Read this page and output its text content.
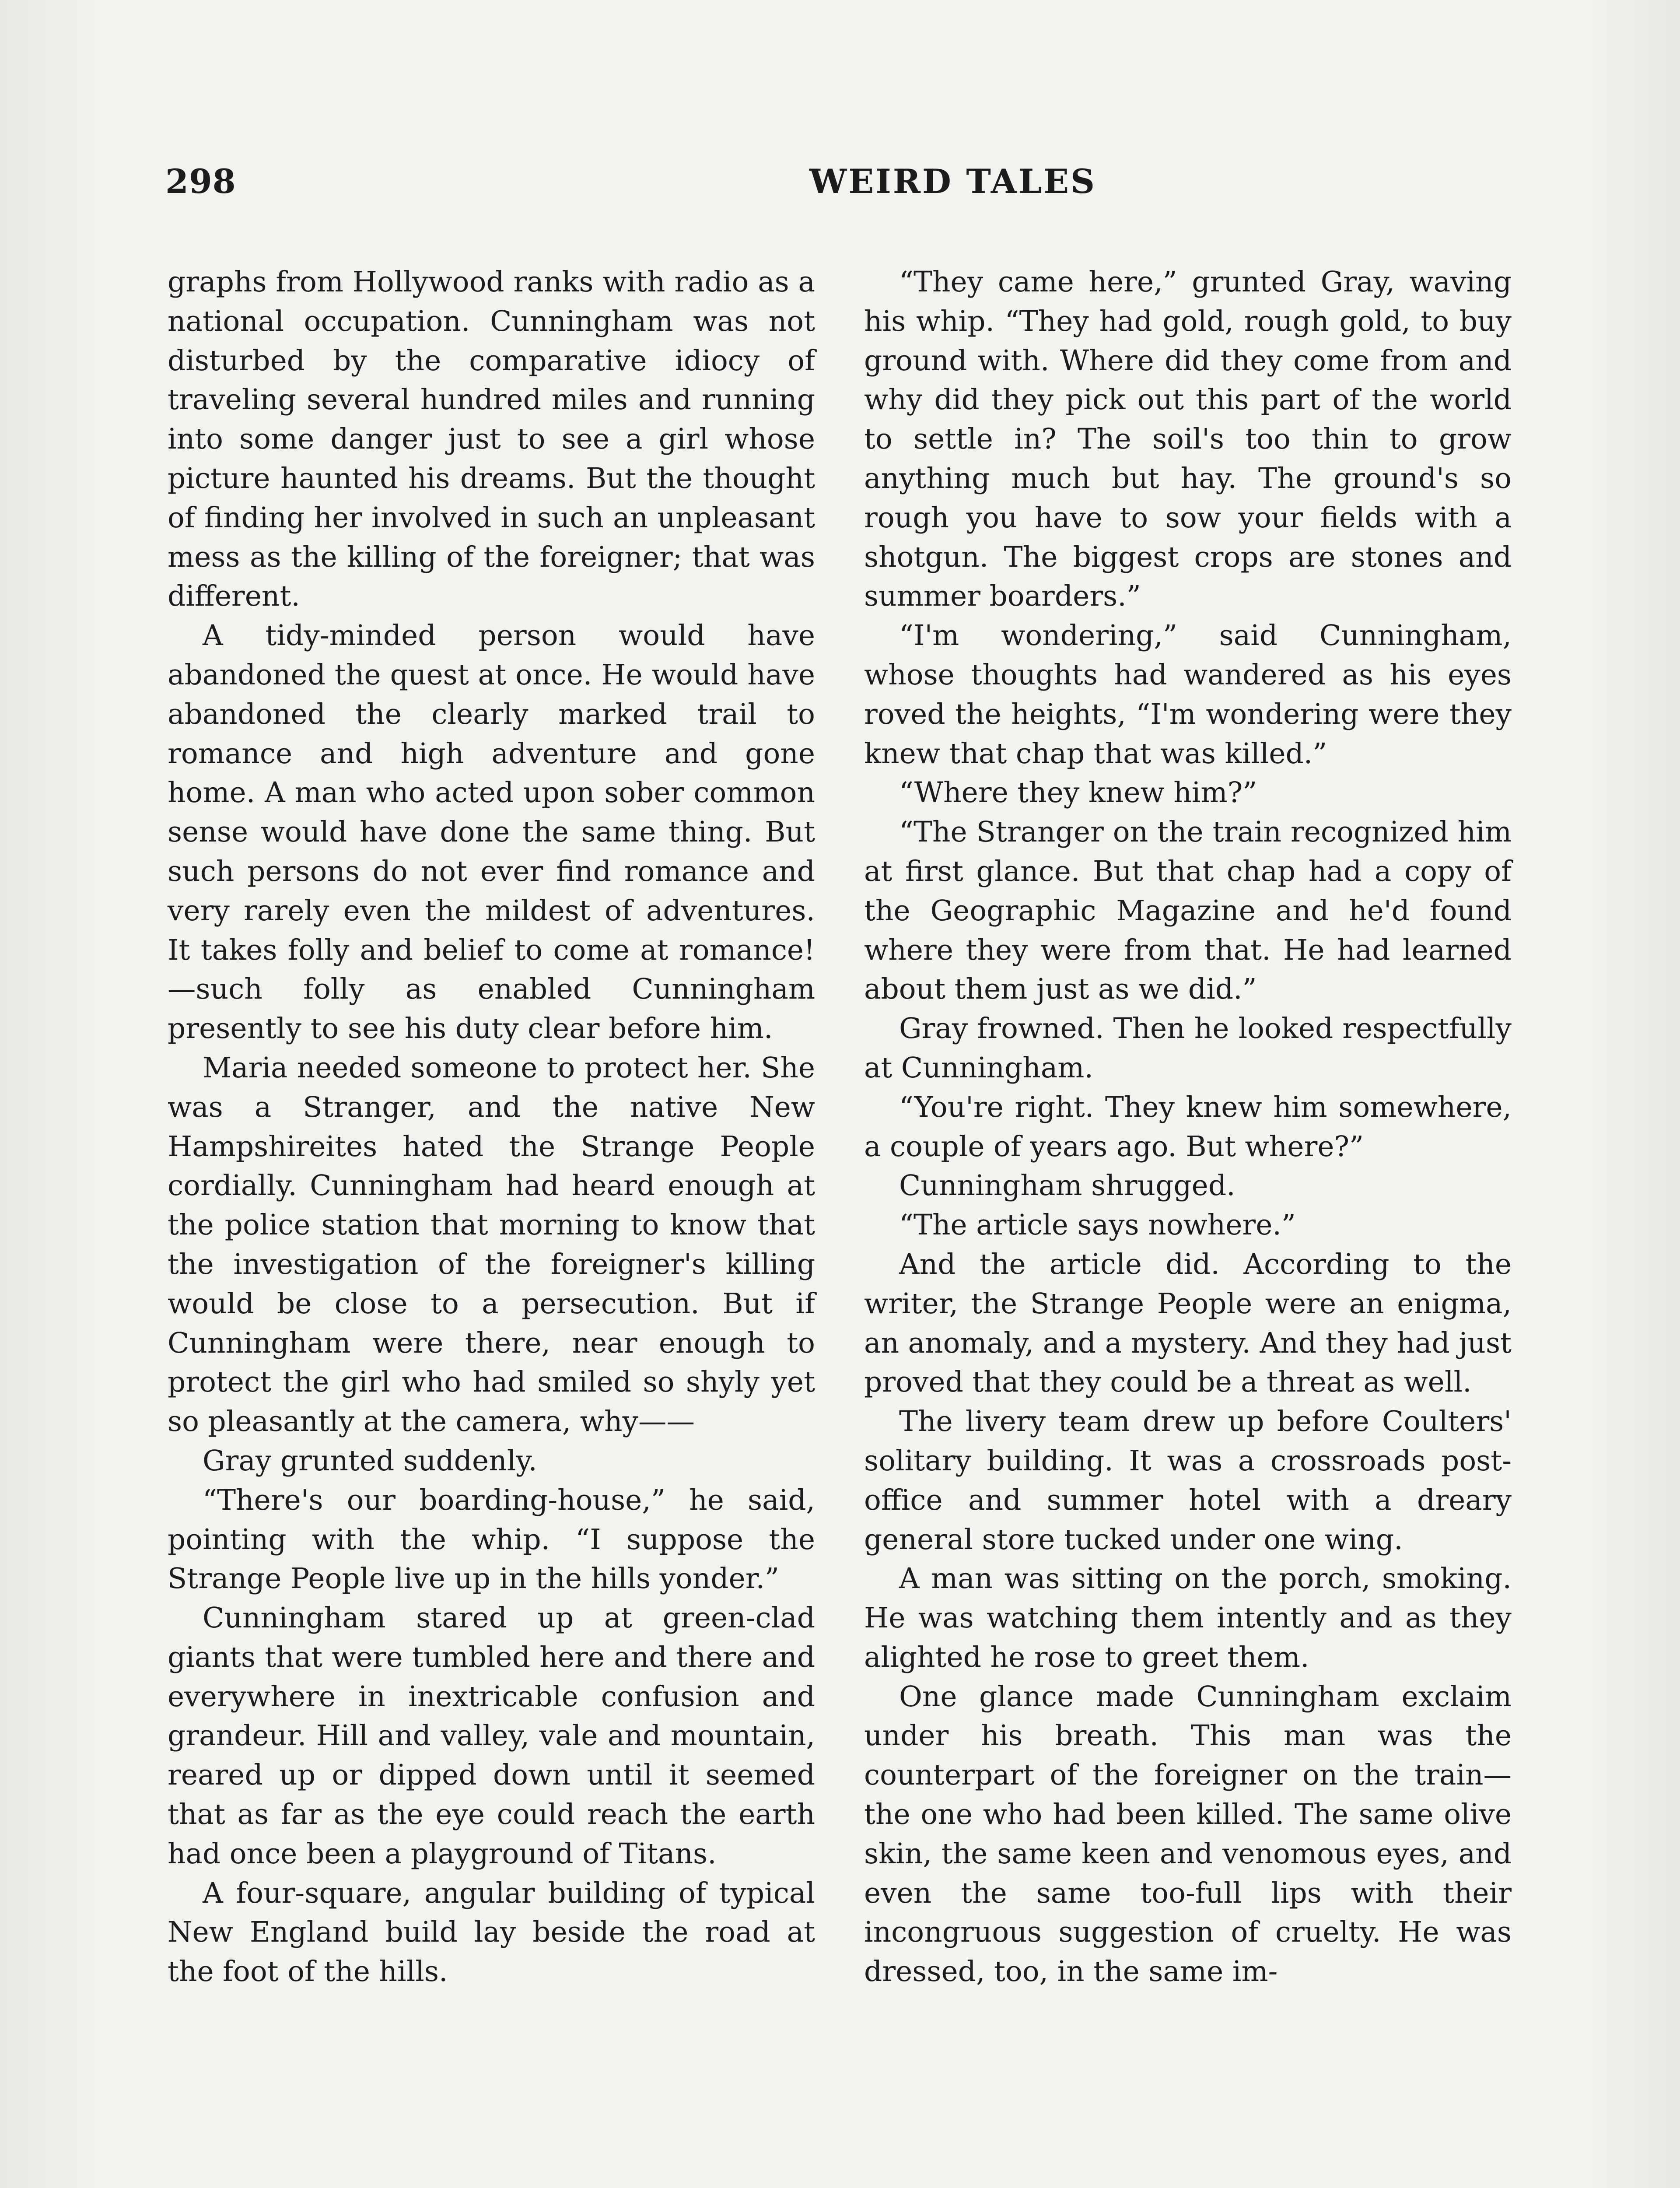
298	WEIRD TALES

graphs from Hollywood ranks with radio as a national occupation. Cunningham was not disturbed by the comparative idiocy of traveling several hundred miles and running into some danger just to see a girl whose picture haunted his dreams. But the thought of finding her involved in such an unpleasant mess as the killing of the foreigner; that was different.

A tidy-minded person would have abandoned the quest at once. He would have abandoned the clearly marked trail to romance and high adventure and gone home. A man who acted upon sober common sense would have done the same thing. But such persons do not ever find romance and very rarely even the mildest of adventures. It takes folly and belief to come at romance!—such folly as enabled Cunningham presently to see his duty clear before him.

Maria needed someone to protect her. She was a Stranger, and the native New Hampshireites hated the Strange People cordially. Cunningham had heard enough at the police station that morning to know that the investigation of the foreigner's killing would be close to a persecution. But if Cunningham were there, near enough to protect the girl who had smiled so shyly yet so pleasantly at the camera, why——

Gray grunted suddenly.

“There's our boarding-house,” he said, pointing with the whip. “I suppose the Strange People live up in the hills yonder.”

Cunningham stared up at green-clad giants that were tumbled here and there and everywhere in inextricable confusion and grandeur. Hill and valley, vale and mountain, reared up or dipped down until it seemed that as far as the eye could reach the earth had once been a playground of Titans.

A four-square, angular building of typical New England build lay beside the road at the foot of the hills.

“They came here,” grunted Gray, waving his whip. “They had gold, rough gold, to buy ground with. Where did they come from and why did they pick out this part of the world to settle in? The soil's too thin to grow anything much but hay. The ground's so rough you have to sow your fields with a shotgun. The biggest crops are stones and summer boarders.”

“I'm wondering,” said Cunningham, whose thoughts had wandered as his eyes roved the heights, “I'm wondering were they knew that chap that was killed.”

“Where they knew him?”

“The Stranger on the train recognized him at first glance. But that chap had a copy of the Geographic Magazine and he'd found where they were from that. He had learned about them just as we did.”

Gray frowned. Then he looked respectfully at Cunningham.

“You're right. They knew him somewhere, a couple of years ago. But where?”

Cunningham shrugged.

“The article says nowhere.”

And the article did. According to the writer, the Strange People were an enigma, an anomaly, and a mystery. And they had just proved that they could be a threat as well.

The livery team drew up before Coulters' solitary building. It was a crossroads post-office and summer hotel with a dreary general store tucked under one wing.

A man was sitting on the porch, smoking. He was watching them intently and as they alighted he rose to greet them.

One glance made Cunningham exclaim under his breath. This man was the counterpart of the foreigner on the train—the one who had been killed. The same olive skin, the same keen and venomous eyes, and even the same too-full lips with their incongruous suggestion of cruelty. He was dressed, too, in the same im-
